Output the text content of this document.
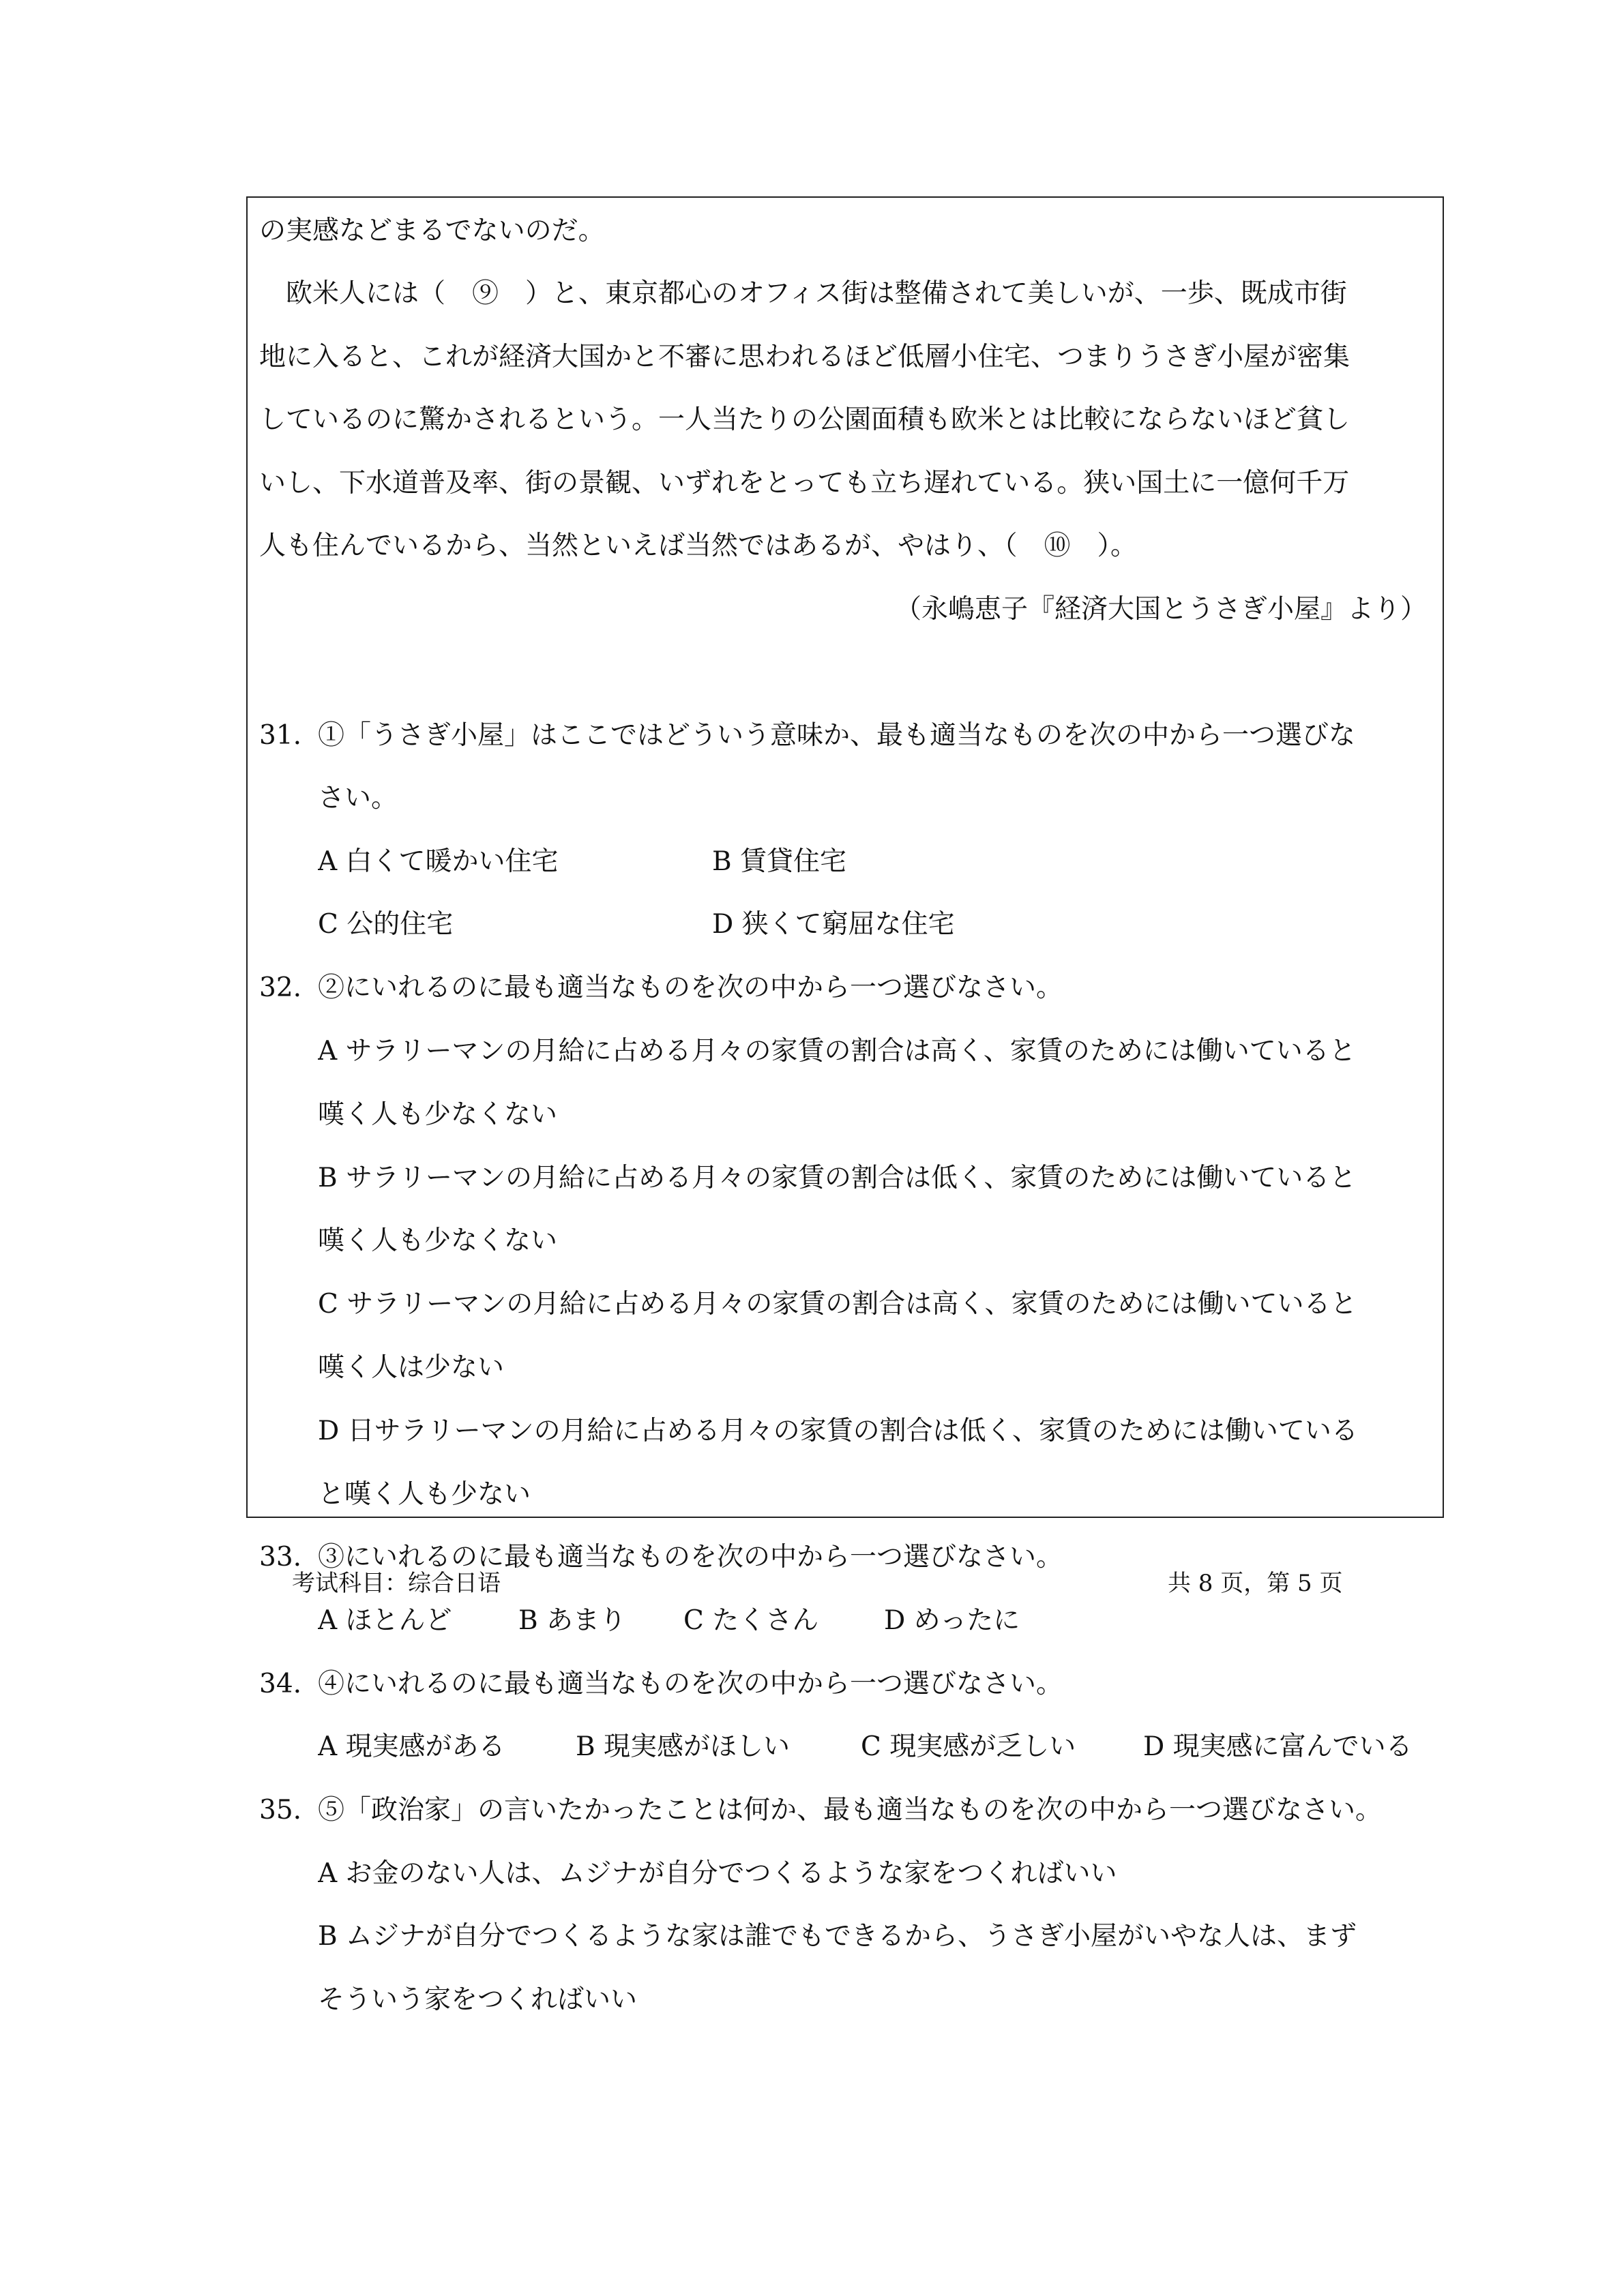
の実感などまるでないのだ。
　欧米人には（　⑨　）と、東京都心のオフィス街は整備されて美しいが、一歩、既成市街
地に入ると、これが経済大国かと不審に思われるほど低層小住宅、つまりうさぎ小屋が密集
しているのに驚かされるという。一人当たりの公園面積も欧米とは比較にならないほど貧し
いし、下水道普及率、街の景観、いずれをとっても立ち遅れている。狭い国土に一億何千万
人も住んでいるから、当然といえば当然ではあるが、やはり、（　⑩　）。
（永嶋恵子『経済大国とうさぎ小屋』より）
31. ①「うさぎ小屋」はここではどういう意味か、最も適当なものを次の中から一つ選びな
さい。
A 白くて暖かい住宅	B 賃貸住宅
C 公的住宅	D 狭くて窮屈な住宅
32. ②にいれるのに最も適当なものを次の中から一つ選びなさい。
A サラリーマンの月給に占める月々の家賃の割合は高く、家賃のためには働いていると
嘆く人も少なくない
B サラリーマンの月給に占める月々の家賃の割合は低く、家賃のためには働いていると
嘆く人も少なくない
C サラリーマンの月給に占める月々の家賃の割合は高く、家賃のためには働いていると
嘆く人は少ない
D 日サラリーマンの月給に占める月々の家賃の割合は低く、家賃のためには働いている
と嘆く人も少ない
33. ③にいれるのに最も適当なものを次の中から一つ選びなさい。
A ほとんど B あまり C たくさん D めったに
34. ④にいれるのに最も適当なものを次の中から一つ選びなさい。
A 現実感がある	B 現実感がほしい	C 現実感が乏しい	D 現実感に富んでいる
35. ⑤「政治家」の言いたかったことは何か、最も適当なものを次の中から一つ選びなさい。
A お金のない人は、ムジナが自分でつくるような家をつくればいい
B ムジナが自分でつくるような家は誰でもできるから、うさぎ小屋がいやな人は、まず
そういう家をつくればいい
考试科目：综合日语	共 8 页，第 5 页
